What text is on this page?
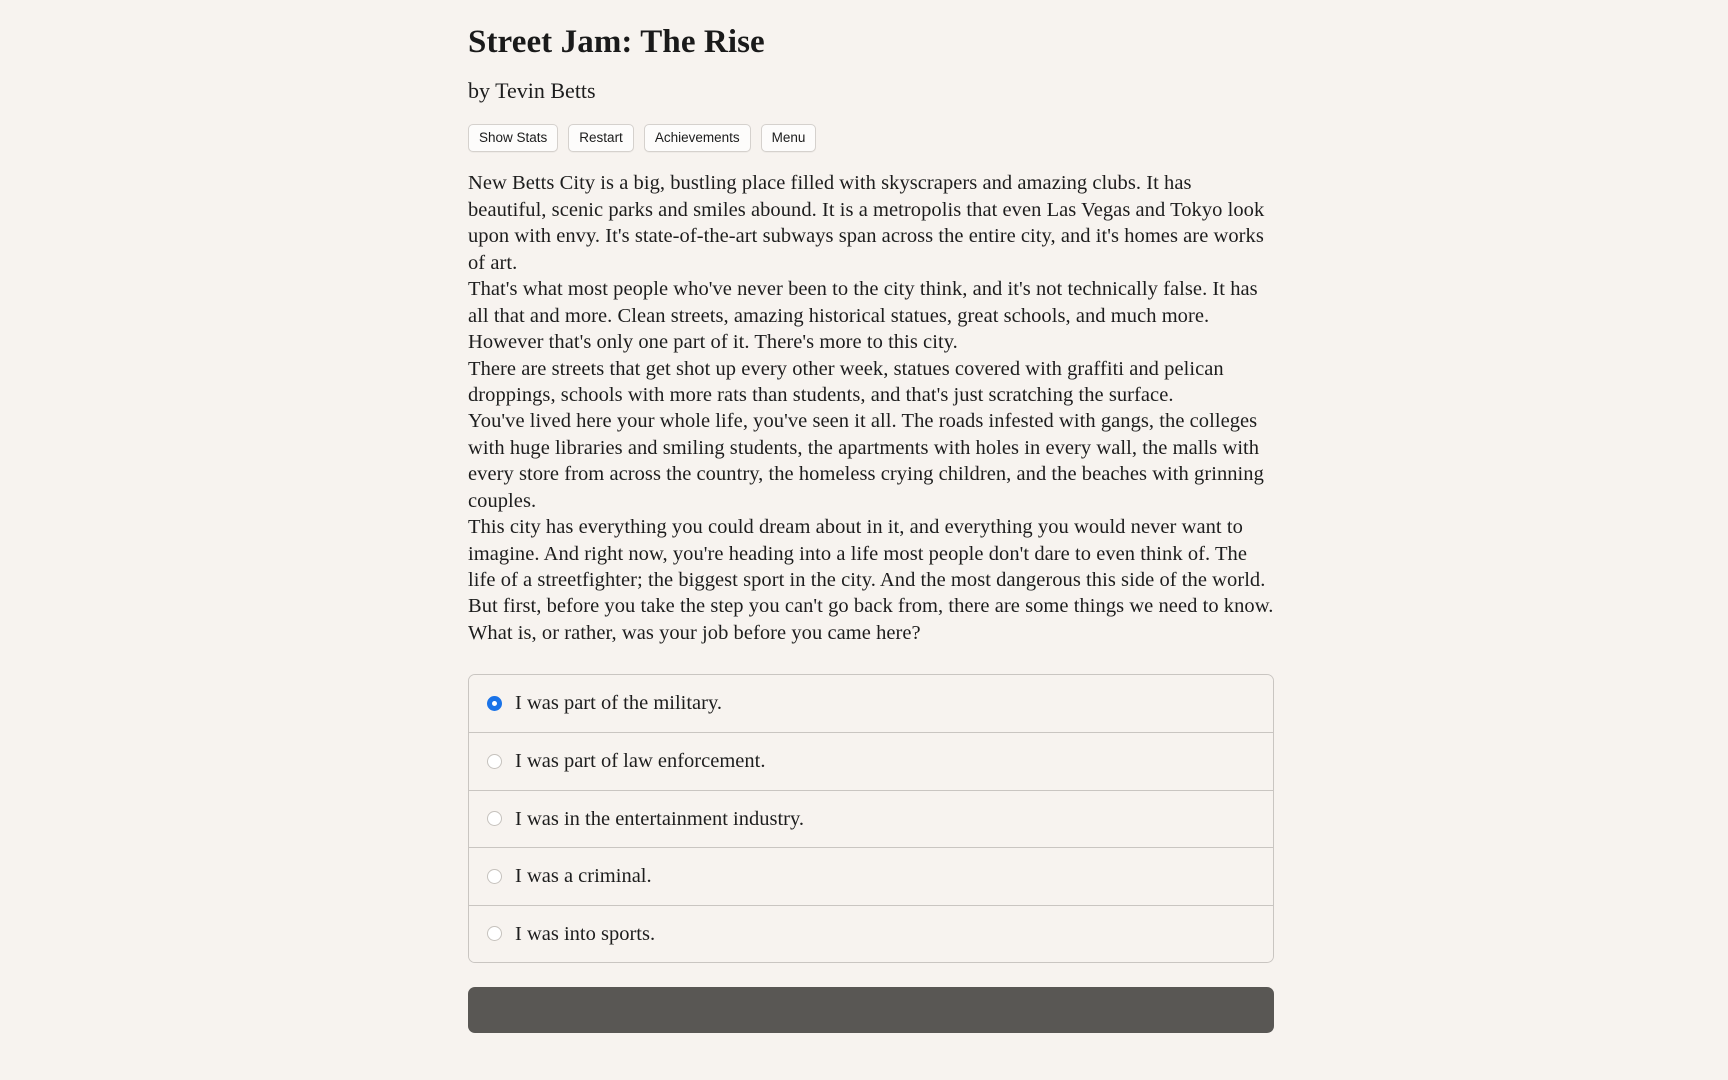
Street Jam: The Rise
by Tevin Betts
Show Stats	Restart	Achievements	Menu

New Betts City is a big, bustling place filled with skyscrapers and amazing clubs. It has beautiful, scenic parks and smiles abound. It is a metropolis that even Las Vegas and Tokyo look upon with envy. It's state-of-the-art subways span across the entire city, and it's homes are works of art.

That's what most people who've never been to the city think, and it's not technically false. It has all that and more. Clean streets, amazing historical statues, great schools, and much more. However that's only one part of it. There's more to this city.

There are streets that get shot up every other week, statues covered with graffiti and pelican droppings, schools with more rats than students, and that's just scratching the surface.

You've lived here your whole life, you've seen it all. The roads infested with gangs, the colleges with huge libraries and smiling students, the apartments with holes in every wall, the malls with every store from across the country, the homeless crying children, and the beaches with grinning couples.

This city has everything you could dream about in it, and everything you would never want to imagine. And right now, you're heading into a life most people don't dare to even think of. The life of a streetfighter; the biggest sport in the city. And the most dangerous this side of the world.

But first, before you take the step you can't go back from, there are some things we need to know.

What is, or rather, was your job before you came here?

I was part of the military.
I was part of law enforcement.
I was in the entertainment industry.
I was a criminal.
I was into sports.
